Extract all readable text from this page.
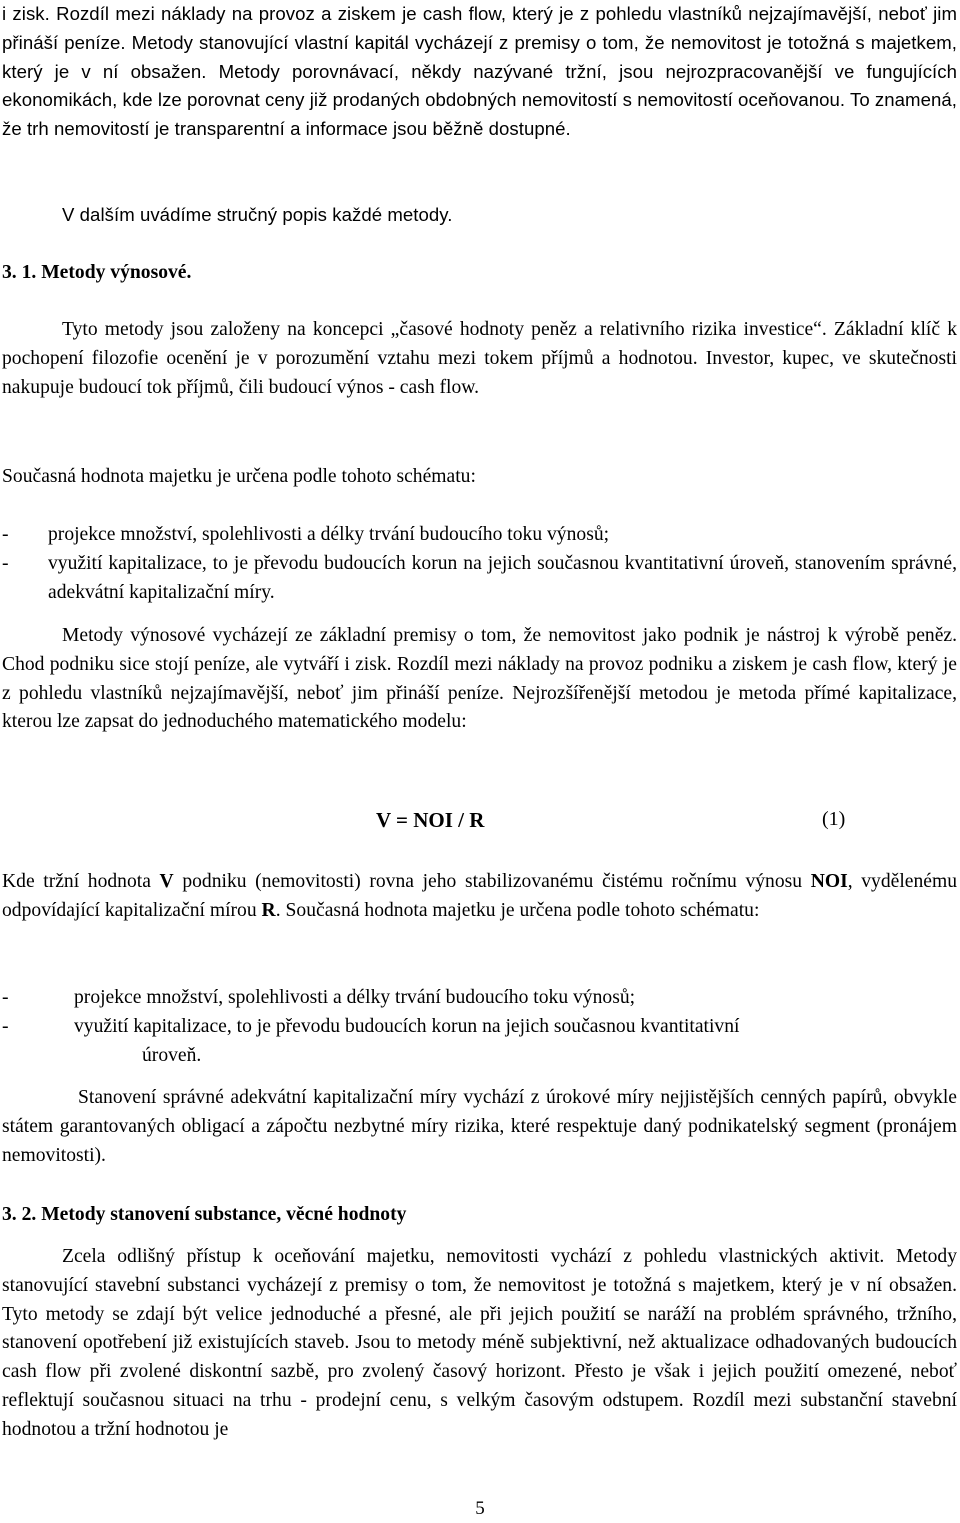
i zisk. Rozdíl mezi náklady na provoz a ziskem je cash flow, který je z pohledu vlastníků nejzajímavější, neboť jim přináší peníze. Metody stanovující vlastní kapitál vycházejí z premisy o tom, že nemovitost je totožná s majetkem, který je v ní obsažen. Metody porovnávací, někdy nazývané tržní, jsou nejrozpracovanější ve fungujících ekonomikách, kde lze porovnat ceny již prodaných obdobných nemovitostí s nemovitostí oceňovanou. To znamená, že trh nemovitostí je transparentní a informace jsou běžně dostupné.

V dalším uvádíme stručný popis každé metody.

3. 1. Metody výnosové.

Tyto metody jsou založeny na koncepci „časové hodnoty peněz a relativního rizika investice“. Základní klíč k pochopení filozofie ocenění je v porozumění vztahu mezi tokem příjmů a hodnotou. Investor, kupec, ve skutečnosti nakupuje budoucí tok příjmů, čili budoucí výnos - cash flow.

Současná hodnota majetku je určena podle tohoto schématu:

- projekce množství, spolehlivosti a délky trvání budoucího toku výnosů;
- využití kapitalizace, to je převodu budoucích korun na jejich současnou kvantitativní úroveň, stanovením správné, adekvátní kapitalizační míry.

Metody výnosové vycházejí ze základní premisy o tom, že nemovitost jako podnik je nástroj k výrobě peněz. Chod podniku sice stojí peníze, ale vytváří i zisk. Rozdíl mezi náklady na provoz podniku a ziskem je cash flow, který je z pohledu vlastníků nejzajímavější, neboť jim přináší peníze. Nejrozšířenější metodou je metoda přímé kapitalizace, kterou lze zapsat do jednoduchého matematického modelu:

V = NOI / R	(1)

Kde tržní hodnota V podniku (nemovitosti) rovna jeho stabilizovanému čistému ročnímu výnosu NOI, vydělenému odpovídající kapitalizační mírou R. Současná hodnota majetku je určena podle tohoto schématu:

-	projekce množství, spolehlivosti a délky trvání budoucího toku výnosů;
-	využití kapitalizace, to je převodu budoucích korun na jejich současnou kvantitativní
úroveň.

Stanovení správné adekvátní kapitalizační míry vychází z úrokové míry nejjistějších cenných papírů, obvykle státem garantovaných obligací a zápočtu nezbytné míry rizika, které respektuje daný podnikatelský segment (pronájem nemovitosti).

3. 2. Metody stanovení substance, věcné hodnoty

Zcela odlišný přístup k oceňování majetku, nemovitosti vychází z pohledu vlastnických aktivit. Metody stanovující stavební substanci vycházejí z premisy o tom, že nemovitost je totožná s majetkem, který je v ní obsažen. Tyto metody se zdají být velice jednoduché a přesné, ale při jejich použití se naráží na problém správného, tržního, stanovení opotřebení již existujících staveb. Jsou to metody méně subjektivní, než aktualizace odhadovaných budoucích cash flow při zvolené diskontní sazbě, pro zvolený časový horizont. Přesto je však i jejich použití omezené, neboť reflektují současnou situaci na trhu - prodejní cenu, s velkým časovým odstupem. Rozdíl mezi substanční stavební hodnotou a tržní hodnotou je

5
